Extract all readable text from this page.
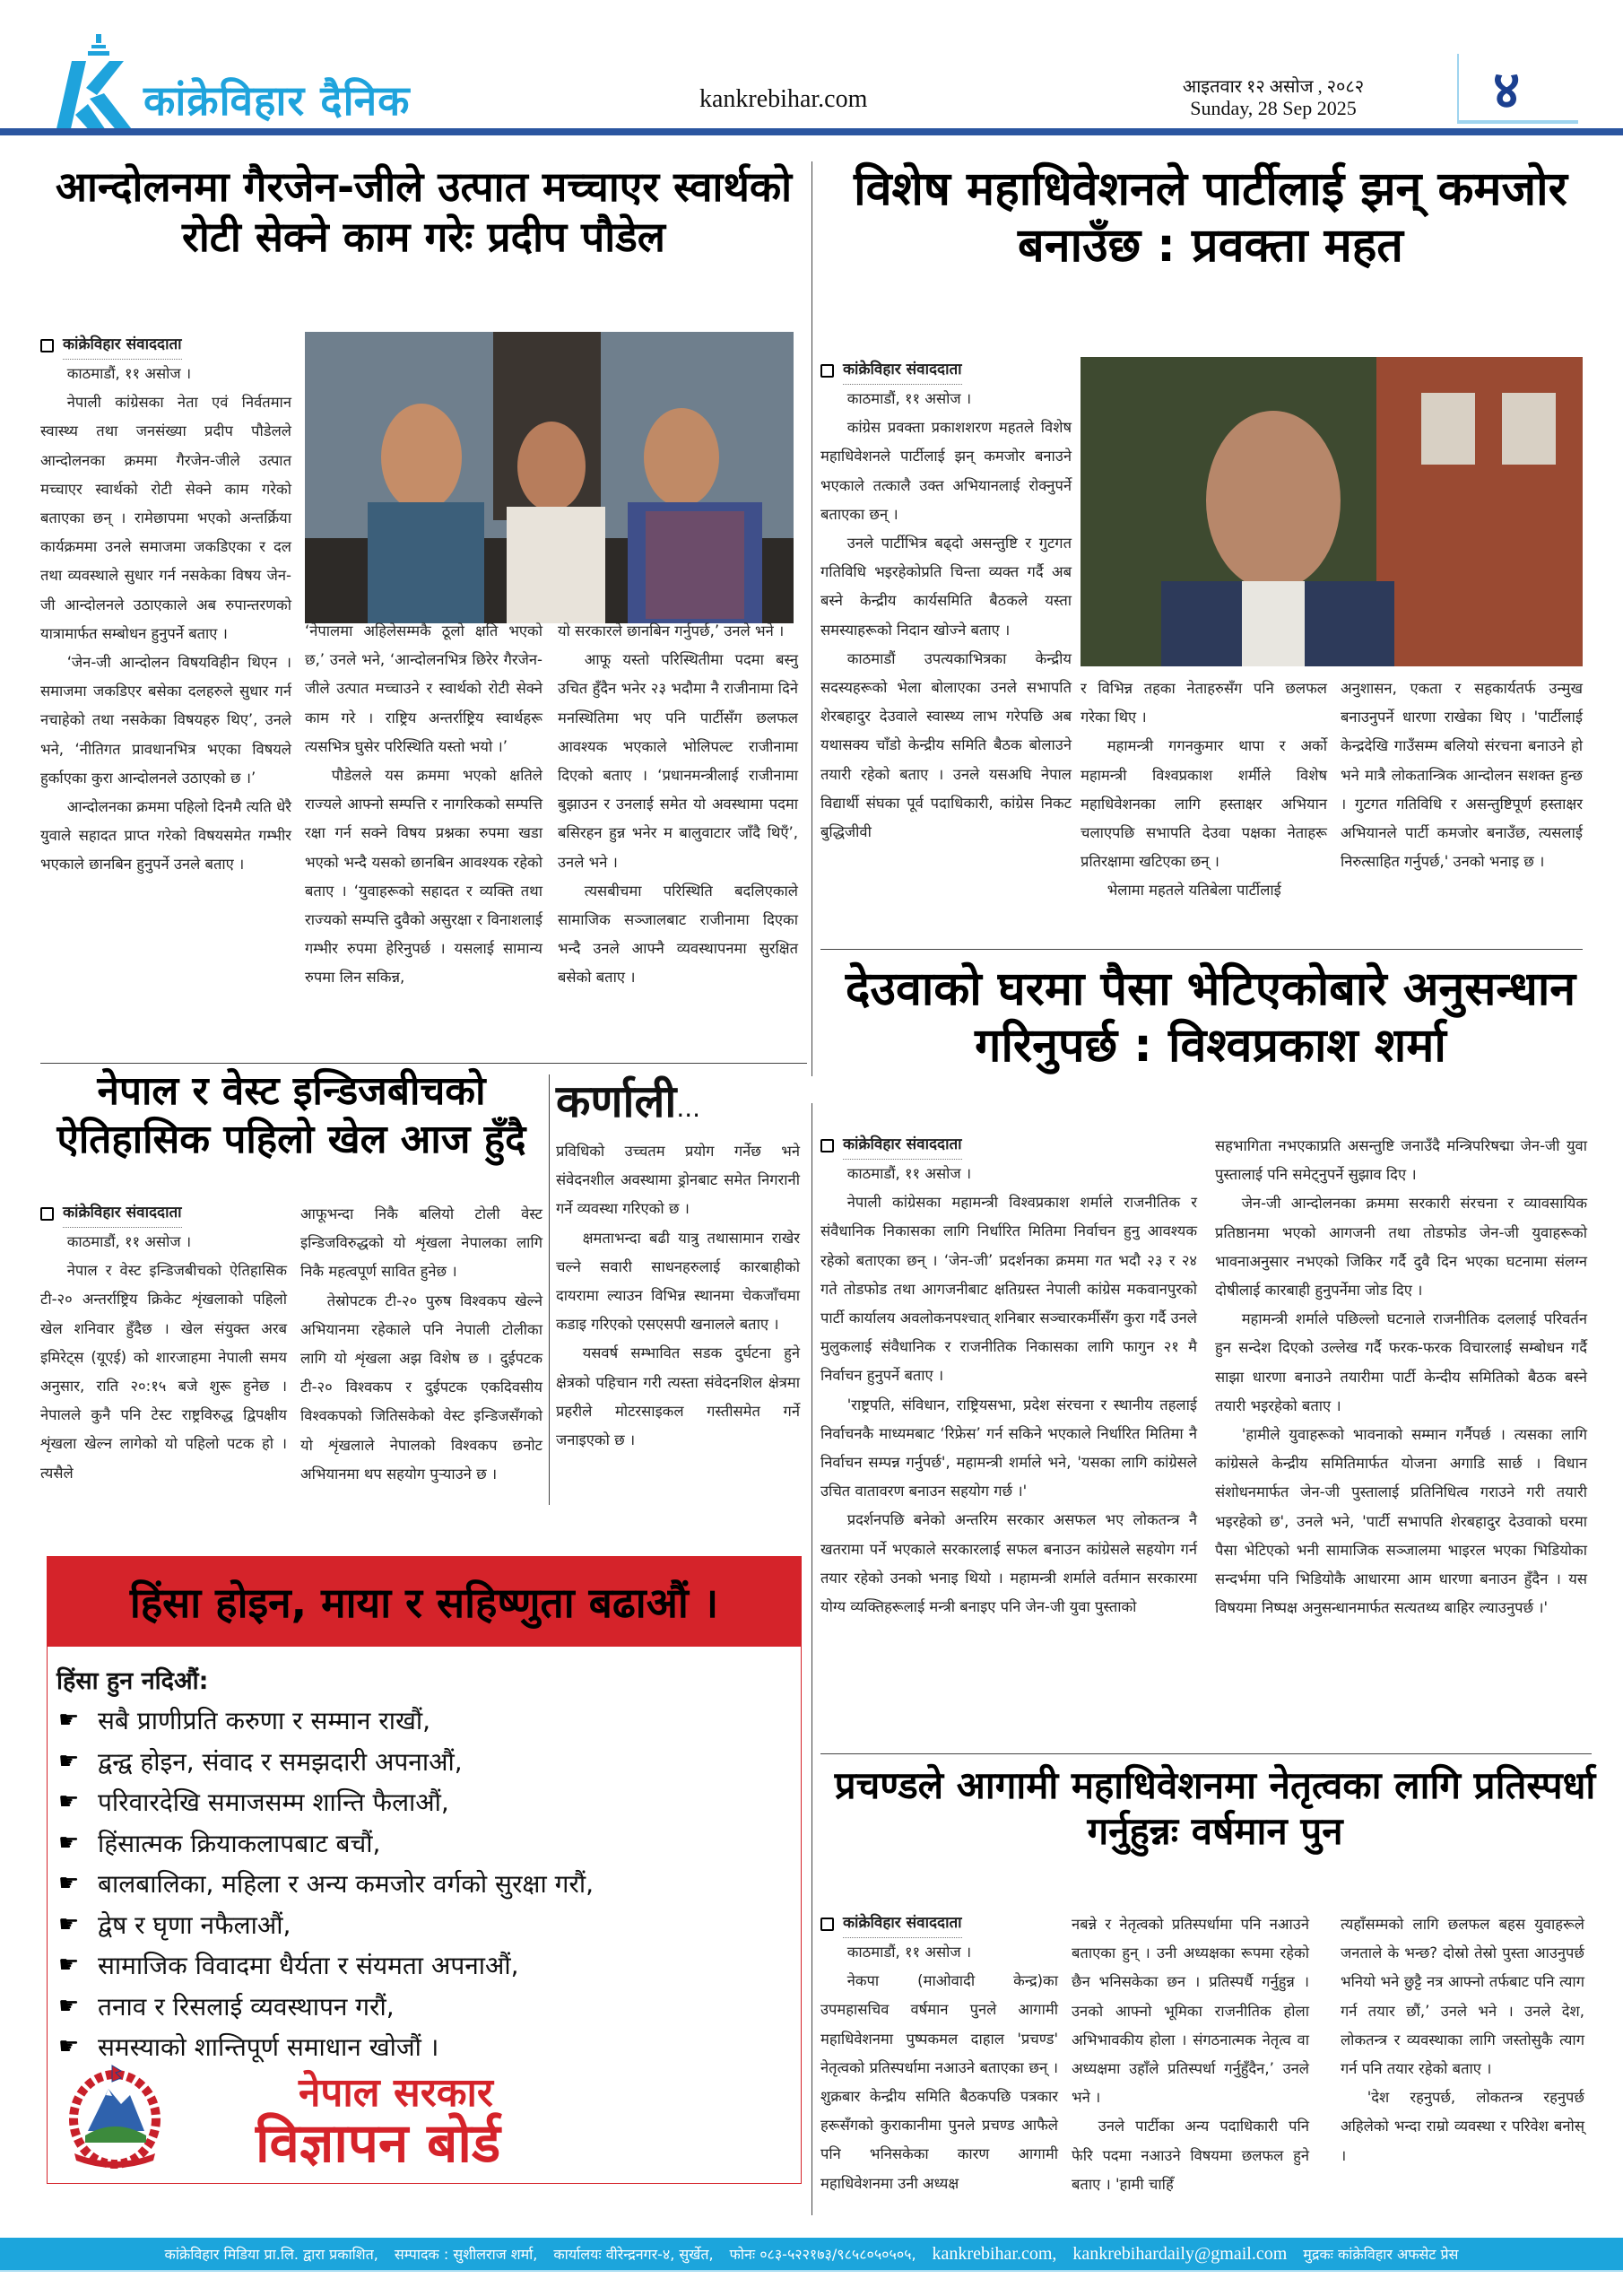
कांक्रेविहार दैनिक	kankrebihar.com	आइतवार १२ असोज , २०८२
Sunday, 28 Sep 2025	४
आन्दोलनमा गैरजेन-जीले उत्पात मच्चाएर स्वार्थको रोटी सेक्ने काम गरेः प्रदीप पौडेल
कांक्रेविहार संवाददाता
काठमाडौं, ११ असोज ।

नेपाली कांग्रेसका नेता एवं निर्वतमान स्वास्थ्य तथा जनसंख्या प्रदीप पौडेलले आन्दोलनका क्रममा गैरजेन-जीले उत्पात मच्चाएर स्वार्थको रोटी सेक्ने काम गरेको बताएका छन् । रामेछापमा भएको अन्तर्क्रिया कार्यक्रममा उनले समाजमा जकडिएका र दल तथा व्यवस्थाले सुधार गर्न नसकेका विषय जेन-जी आन्दोलनले उठाएकाले अब रुपान्तरणको यात्रामार्फत सम्बोधन हुनुपर्ने बताए ।

‘जेन-जी आन्दोलन विषयविहीन थिएन । समाजमा जकडिएर बसेका दलहरुले सुधार गर्न नचाहेको तथा नसकेका विषयहरु थिए’, उनले भने, ‘नीतिगत प्रावधानभित्र भएका विषयले हुर्काएका कुरा आन्दोलनले उठाएको छ ।’

आन्दोलनका क्रममा पहिलो दिनमै त्यति धेरै युवाले सहादत प्राप्त गरेको विषयसमेत गम्भीर भएकाले छानबिन हुनुपर्ने उनले बताए ।

‘नेपालमा अहिलेसम्मकै ठूलो क्षति भएको छ,’ उनले भने, ‘आन्दोलनभित्र छिरेर गैरजेन-जीले उत्पात मच्चाउने र स्वार्थको रोटी सेक्ने काम गरे । राष्ट्रिय अन्तर्राष्ट्रिय स्वार्थहरू त्यसभित्र घुसेर परिस्थिति यस्तो भयो ।’

पौडेलले यस क्रममा भएको क्षतिले राज्यले आफ्नो सम्पत्ति र नागरिकको सम्पत्ति रक्षा गर्न सक्ने विषय प्रश्नका रुपमा खडा भएको भन्दै यसको छानबिन आवश्यक रहेको बताए । ‘युवाहरूको सहादत र व्यक्ति तथा राज्यको सम्पत्ति दुवैको असुरक्षा र विनाशलाई गम्भीर रुपमा हेरिनुपर्छ । यसलाई सामान्य रुपमा लिन सकिन्न,

यो सरकारले छानबिन गर्नुपर्छ,’ उनले भने ।

आफू यस्तो परिस्थितीमा पदमा बस्नु उचित हुँदैन भनेर २३ भदौमा नै राजीनामा दिने मनस्थितिमा भए पनि पार्टीसँग छलफल आवश्यक भएकाले भोलिपल्ट राजीनामा दिएको बताए । ‘प्रधानमन्त्रीलाई राजीनामा बुझाउन र उनलाई समेत यो अवस्थामा पदमा बसिरहन हुन्न भनेर म बालुवाटार जाँदै थिएँ’, उनले भने ।

त्यसबीचमा परिस्थिति बदलिएकाले सामाजिक सञ्जालबाट राजीनामा दिएका भन्दै उनले आफ्नै व्यवस्थापनमा सुरक्षित बसेको बताए ।

विशेष महाधिवेशनले पार्टीलाई झन् कमजोर बनाउँछ : प्रवक्ता महत
कांक्रेविहार संवाददाता
काठमाडौं, ११ असोज ।

कांग्रेस प्रवक्ता प्रकाशशरण महतले विशेष महाधिवेशनले पार्टीलाई झन् कमजोर बनाउने भएकाले तत्कालै उक्त अभियानलाई रोक्नुपर्ने बताएका छन् ।

उनले पार्टीभित्र बढ्दो असन्तुष्टि र गुटगत गतिविधि भइरहेकोप्रति चिन्ता व्यक्त गर्दै अब बस्ने केन्द्रीय कार्यसमिति बैठकले यस्ता समस्याहरूको निदान खोज्ने बताए ।

काठमाडौं उपत्यकाभित्रका केन्द्रीय सदस्यहरूको भेला बोलाएका उनले सभापति शेरबहादुर देउवाले स्वास्थ्य लाभ गरेपछि अब यथासक्य चाँडो केन्द्रीय समिति बैठक बोलाउने तयारी रहेको बताए । उनले यसअघि नेपाल विद्यार्थी संघका पूर्व पदाधिकारी, कांग्रेस निकट बुद्धिजीवी

र विभिन्न तहका नेताहरुसँग पनि छलफल गरेका थिए ।

महामन्त्री गगनकुमार थापा र अर्को महामन्त्री विश्वप्रकाश शर्मीले विशेष महाधिवेशनका लागि हस्ताक्षर अभियान चलाएपछि सभापति देउवा पक्षका नेताहरू प्रतिरक्षामा खटिएका छन् ।

भेलामा महतले यतिबेला पार्टीलाई

अनुशासन, एकता र सहकार्यतर्फ उन्मुख बनाउनुपर्ने धारणा राखेका थिए । 'पार्टीलाई केन्द्रदेखि गाउँसम्म बलियो संरचना बनाउने हो भने मात्रै लोकतान्त्रिक आन्दोलन सशक्त हुन्छ । गुटगत गतिविधि र असन्तुष्टिपूर्ण हस्ताक्षर अभियानले पार्टी कमजोर बनाउँछ, त्यसलाई निरुत्साहित गर्नुपर्छ,' उनको भनाइ छ ।

नेपाल र वेस्ट इन्डिजबीचको ऐतिहासिक पहिलो खेल आज हुँदै
कांक्रेविहार संवाददाता
काठमाडौं, ११ असोज ।

नेपाल र वेस्ट इन्डिजबीचको ऐतिहासिक टी-२० अन्तर्राष्ट्रिय क्रिकेट शृंखलाको पहिलो खेल शनिवार हुँदैछ । खेल संयुक्त अरब इमिरेट्स (यूएई) को शारजाहमा नेपाली समय अनुसार, राति २०:१५ बजे शुरू हुनेछ । नेपालले कुनै पनि टेस्ट राष्ट्रविरुद्ध द्विपक्षीय शृंखला खेल्न लागेको यो पहिलो पटक हो । त्यसैले

आफूभन्दा निकै बलियो टोली वेस्ट इन्डिजविरुद्धको यो शृंखला नेपालका लागि निकै महत्वपूर्ण सावित हुनेछ ।

तेस्रोपटक टी-२० पुरुष विश्वकप खेल्ने अभियानमा रहेकाले पनि नेपाली टोलीका लागि यो शृंखला अझ विशेष छ । दुईपटक टी-२० विश्वकप र दुईपटक एकदिवसीय विश्वकपको जितिसकेको वेस्ट इन्डिजसँगको यो शृंखलाले नेपालको विश्वकप छनोट अभियानमा थप सहयोग पुऱ्याउने छ ।

कर्णाली...

प्रविधिको उच्चतम प्रयोग गर्नेछ भने संवेदनशील अवस्थामा ड्रोनबाट समेत निगरानी गर्ने व्यवस्था गरिएको छ ।

क्षमताभन्दा बढी यात्रु तथासामान राखेर चल्ने सवारी साधनहरुलाई कारबाहीको दायरामा ल्याउन विभिन्न स्थानमा चेकजाँचमा कडाइ गरिएको एसएसपी खनालले बताए ।

यसवर्ष सम्भावित सडक दुर्घटना हुने क्षेत्रको पहिचान गरी त्यस्ता संवेदनशिल क्षेत्रमा प्रहरीले मोटरसाइकल गस्तीसमेत गर्ने जनाइएको छ ।

देउवाको घरमा पैसा भेटिएकोबारे अनुसन्धान गरिनुपर्छ : विश्वप्रकाश शर्मा
कांक्रेविहार संवाददाता
काठमाडौं, ११ असोज ।

नेपाली कांग्रेसका महामन्त्री विश्वप्रकाश शर्माले राजनीतिक र संवैधानिक निकासका लागि निर्धारित मितिमा निर्वाचन हुनु आवश्यक रहेको बताएका छन् । ‘जेन-जी’ प्रदर्शनका क्रममा गत भदौ २३ र २४ गते तोडफोड तथा आगजनीबाट क्षतिग्रस्त नेपाली कांग्रेस मकवानपुरको पार्टी कार्यालय अवलोकनपश्चात् शनिबार सञ्चारकर्मीसँग कुरा गर्दै उनले मुलुकलाई संवैधानिक र राजनीतिक निकासका लागि फागुन २१ मै निर्वाचन हुनुपर्ने बताए ।

'राष्ट्रपति, संविधान, राष्ट्रियसभा, प्रदेश संरचना र स्थानीय तहलाई निर्वाचनकै माध्यमबाट ‘रिफ्रेस’ गर्न सकिने भएकाले निर्धारित मितिमा नै निर्वाचन सम्पन्न गर्नुपर्छ', महामन्त्री शर्माले भने, 'यसका लागि कांग्रेसले उचित वातावरण बनाउन सहयोग गर्छ ।'

प्रदर्शनपछि बनेको अन्तरिम सरकार असफल भए लोकतन्त्र नै खतरामा पर्ने भएकाले सरकारलाई सफल बनाउन कांग्रेसले सहयोग गर्न तयार रहेको उनको भनाइ थियो । महामन्त्री शर्माले वर्तमान सरकारमा योग्य व्यक्तिहरूलाई मन्त्री बनाइए पनि जेन-जी युवा पुस्ताको

सहभागिता नभएकाप्रति असन्तुष्टि जनाउँदै मन्त्रिपरिषद्मा जेन-जी युवा पुस्तालाई पनि समेट्नुपर्ने सुझाव दिए ।

जेन-जी आन्दोलनका क्रममा सरकारी संरचना र व्यावसायिक प्रतिष्ठानमा भएको आगजनी तथा तोडफोड जेन-जी युवाहरूको भावनाअनुसार नभएको जिकिर गर्दै दुवै दिन भएका घटनामा संलग्न दोषीलाई कारबाही हुनुपर्नेमा जोड दिए ।

महामन्त्री शर्माले पछिल्लो घटनाले राजनीतिक दललाई परिवर्तन हुन सन्देश दिएको उल्लेख गर्दै फरक-फरक विचारलाई सम्बोधन गर्दै साझा धारणा बनाउने तयारीमा पार्टी केन्दीय समितिको बैठक बस्ने तयारी भइरहेको बताए ।

'हामीले युवाहरूको भावनाको सम्मान गर्नैपर्छ । त्यसका लागि कांग्रेसले केन्द्रीय समितिमार्फत योजना अगाडि सार्छ । विधान संशोधनमार्फत जेन-जी पुस्तालाई प्रतिनिधित्व गराउने गरी तयारी भइरहेको छ', उनले भने, 'पार्टी सभापति शेरबहादुर देउवाको घरमा पैसा भेटिएको भनी सामाजिक सञ्जालमा भाइरल भएका भिडियोका सन्दर्भमा पनि भिडियोकै आधारमा आम धारणा बनाउन हुँदैन । यस विषयमा निष्पक्ष अनुसन्धानमार्फत सत्यतथ्य बाहिर ल्याउनुपर्छ ।'

प्रचण्डले आगामी महाधिवेशनमा नेतृत्वका लागि प्रतिस्पर्धा गर्नुहुन्नः वर्षमान पुन
कांक्रेविहार संवाददाता
काठमाडौं, ११ असोज ।

नेकपा (माओवादी केन्द्र)का उपमहासचिव वर्षमान पुनले आगामी महाधिवेशनमा पुष्पकमल दाहाल 'प्रचण्ड' नेतृत्वको प्रतिस्पर्धामा नआउने बताएका छन् । शुक्रबार केन्द्रीय समिति बैठकपछि पत्रकार हरूसँगको कुराकानीमा पुनले प्रचण्ड आफैले पनि भनिसकेका कारण आगामी महाधिवेशनमा उनी अध्यक्ष

नबन्ने र नेतृत्वको प्रतिस्पर्धामा पनि नआउने बताएका हुन् । उनी अध्यक्षका रूपमा रहेको छैन भनिसकेका छन । प्रतिस्पर्धै गर्नुहुन्न । उनको आफ्नो भूमिका राजनीतिक होला अभिभावकीय होला । संगठनात्मक नेतृत्व वा अध्यक्षमा उहाँले प्रतिस्पर्धा गर्नुहुँदैन,’ उनले भने ।

उनले पार्टीका अन्य पदाधिकारी पनि फेरि पदमा नआउने विषयमा छलफल हुने बताए । 'हामी चाहिँ

त्यहाँसम्मको लागि छलफल बहस युवाहरूले जनताले के भन्छ? दोस्रो तेस्रो पुस्ता आउनुपर्छ भनियो भने छुट्टै नत्र आफ्नो तर्फबाट पनि त्याग गर्न तयार छौं,’ उनले भने । उनले देश, लोकतन्त्र र व्यवस्थाका लागि जस्तोसुकै त्याग गर्न पनि तयार रहेको बताए ।

'देश रहनुपर्छ, लोकतन्त्र रहनुपर्छ अहिलेको भन्दा राम्रो व्यवस्था र परिवेश बनोस् ।

हिंसा होइन, माया र सहिष्णुता बढाऔं ।
हिंसा हुन नदिऔं:
☛ सबै प्राणीप्रति करुणा र सम्मान राखौं,
☛ द्वन्द्व होइन, संवाद र समझदारी अपनाऔं,
☛ परिवारदेखि समाजसम्म शान्ति फैलाऔं,
☛ हिंसात्मक क्रियाकलापबाट बचौं,
☛ बालबालिका, महिला र अन्य कमजोर वर्गको सुरक्षा गरौं,
☛ द्वेष र घृणा नफैलाऔं,
☛ सामाजिक विवादमा धैर्यता र संयमता अपनाऔं,
☛ तनाव र रिसलाई व्यवस्थापन गरौं,
☛ समस्याको शान्तिपूर्ण समाधान खोजौं ।
नेपाल सरकार
विज्ञापन बोर्ड
कांक्रेविहार मिडिया प्रा.लि. द्वारा प्रकाशित, सम्पादक : सुशीलराज शर्मा, कार्यालयः वीरेन्द्रनगर-४, सुर्खेत, फोनः ०८३-५२२१७३/९८५८०५०५०५, kankrebihar.com, kankrebihardaily@gmail.com मुद्रकः कांक्रेविहार अफसेट प्रेस
